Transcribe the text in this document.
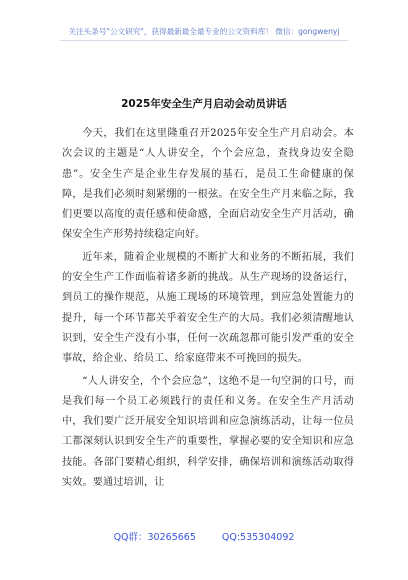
关注头条号"公文研究"，获得最新最全最专业的公文资料库！ 微信：gongwenyj
2025年安全生产月启动会动员讲话

今天，我们在这里隆重召开2025年安全生产月启动会。本次会议的主题是“人人讲安全，个个会应急，查找身边安全隐患”。安全生产是企业生存发展的基石，是员工生命健康的保障，是我们必须时刻紧绷的一根弦。在安全生产月来临之际，我们更要以高度的责任感和使命感，全面启动安全生产月活动，确保安全生产形势持续稳定向好。

近年来，随着企业规模的不断扩大和业务的不断拓展，我们的安全生产工作面临着诸多新的挑战。从生产现场的设备运行，到员工的操作规范，从施工现场的环境管理，到应急处置能力的提升，每一个环节都关乎着安全生产的大局。我们必须清醒地认识到，安全生产没有小事，任何一次疏忽都可能引发严重的安全事故，给企业、给员工、给家庭带来不可挽回的损失。

“人人讲安全，个个会应急”，这绝不是一句空洞的口号，而是我们每一个员工必须践行的责任和义务。在安全生产月活动中，我们要广泛开展安全知识培训和应急演练活动，让每一位员工都深刻认识到安全生产的重要性，掌握必要的安全知识和应急技能。各部门要精心组织，科学安排，确保培训和演练活动取得实效。要通过培训，让

QQ群：30265665	QQ:535304092
